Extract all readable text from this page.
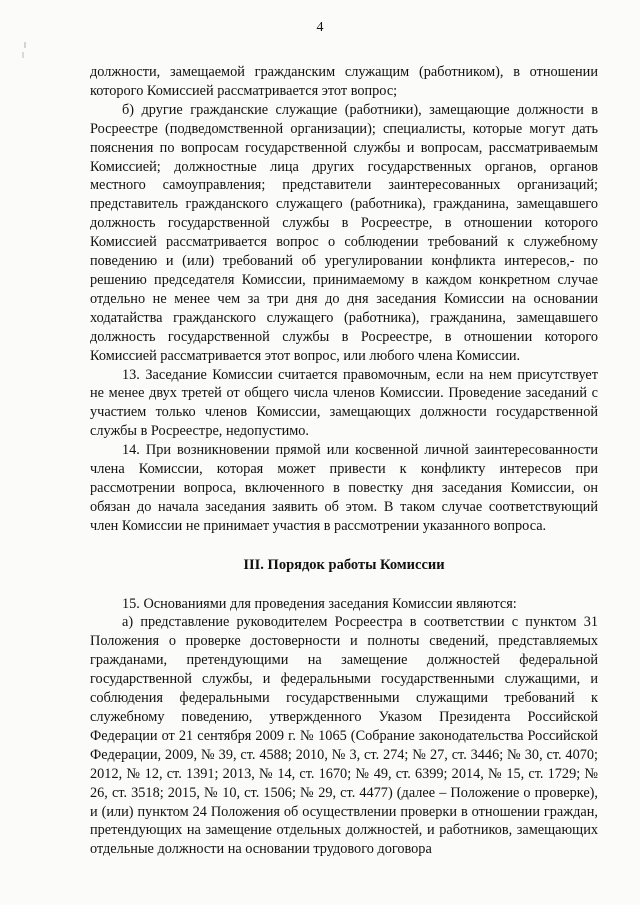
4

должности, замещаемой гражданским служащим (работником), в отношении которого Комиссией рассматривается этот вопрос;

б) другие гражданские служащие (работники), замещающие должности в Росреестре (подведомственной организации); специалисты, которые могут дать пояснения по вопросам государственной службы и вопросам, рассматриваемым Комиссией; должностные лица других государственных органов, органов местного самоуправления; представители заинтересованных организаций; представитель гражданского служащего (работника), гражданина, замещавшего должность государственной службы в Росреестре, в отношении которого Комиссией рассматривается вопрос о соблюдении требований к служебному поведению и (или) требований об урегулировании конфликта интересов,- по решению председателя Комиссии, принимаемому в каждом конкретном случае отдельно не менее чем за три дня до дня заседания Комиссии на основании ходатайства гражданского служащего (работника), гражданина, замещавшего должность государственной службы в Росреестре, в отношении которого Комиссией рассматривается этот вопрос, или любого члена Комиссии.

13. Заседание Комиссии считается правомочным, если на нем присутствует не менее двух третей от общего числа членов Комиссии. Проведение заседаний с участием только членов Комиссии, замещающих должности государственной службы в Росреестре, недопустимо.

14. При возникновении прямой или косвенной личной заинтересованности члена Комиссии, которая может привести к конфликту интересов при рассмотрении вопроса, включенного в повестку дня заседания Комиссии, он обязан до начала заседания заявить об этом. В таком случае соответствующий член Комиссии не принимает участия в рассмотрении указанного вопроса.

III. Порядок работы Комиссии

15. Основаниями для проведения заседания Комиссии являются:

а) представление руководителем Росреестра в соответствии с пунктом 31 Положения о проверке достоверности и полноты сведений, представляемых гражданами, претендующими на замещение должностей федеральной государственной службы, и федеральными государственными служащими, и соблюдения федеральными государственными служащими требований к служебному поведению, утвержденного Указом Президента Российской Федерации от 21 сентября 2009 г. № 1065 (Собрание законодательства Российской Федерации, 2009, № 39, ст. 4588; 2010, № 3, ст. 274; № 27, ст. 3446; № 30, ст. 4070; 2012, № 12, ст. 1391; 2013, № 14, ст. 1670; № 49, ст. 6399; 2014, № 15, ст. 1729; № 26, ст. 3518; 2015, № 10, ст. 1506; № 29, ст. 4477) (далее – Положение о проверке), и (или) пунктом 24 Положения об осуществлении проверки в отношении граждан, претендующих на замещение отдельных должностей, и работников, замещающих отдельные должности на основании трудового договора
